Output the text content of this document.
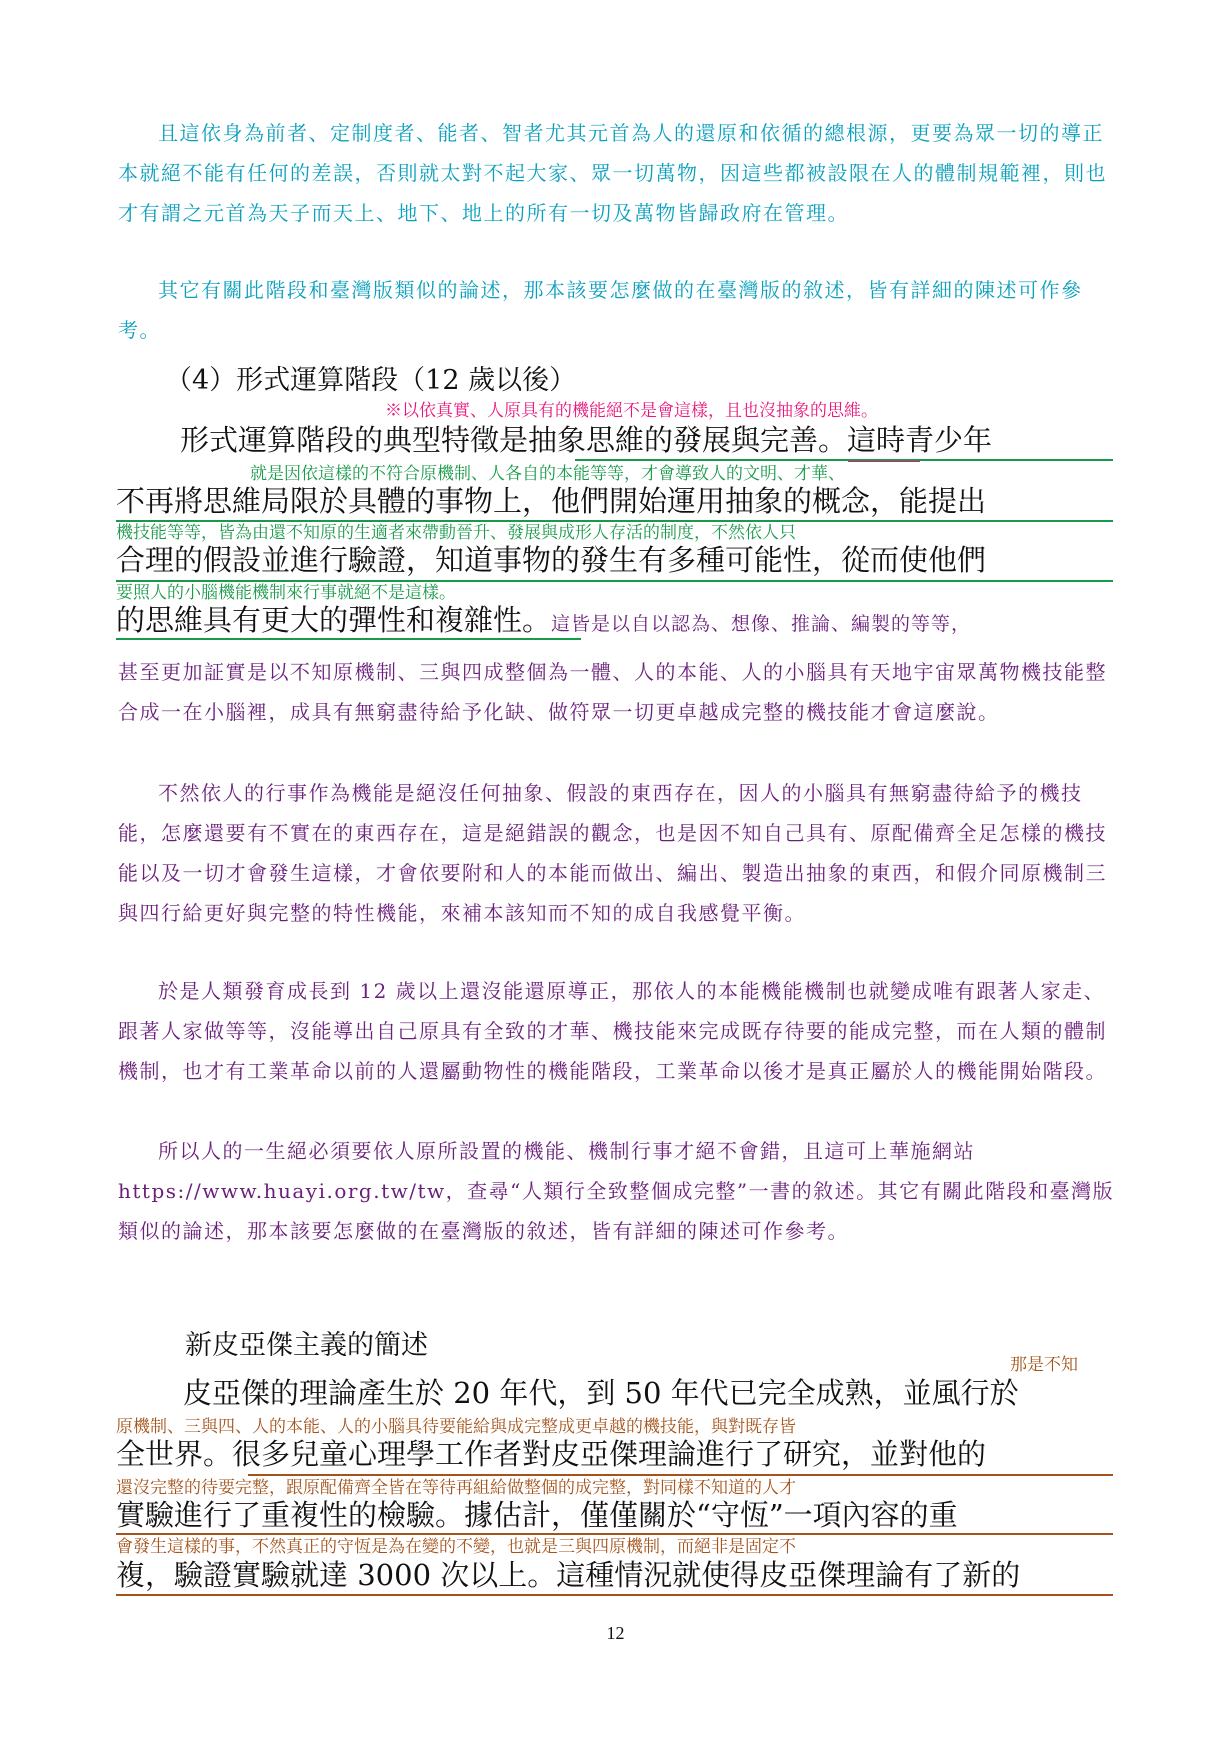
且這依身為前者、定制度者、能者、智者尤其元首為人的還原和依循的總根源，更要為眾一切的導正本就絕不能有任何的差誤，否則就太對不起大家、眾一切萬物，因這些都被設限在人的體制規範裡，則也才有謂之元首為天子而天上、地下、地上的所有一切及萬物皆歸政府在管理。

其它有關此階段和臺灣版類似的論述，那本該要怎麼做的在臺灣版的敘述，皆有詳細的陳述可作參考。

（4）形式運算階段（12 歲以後）
※以依真實、人原具有的機能絕不是會這樣，且也沒抽象的思維。
形式運算階段的典型特徵是抽象思維的發展與完善。這時青少年
就是因依這樣的不符合原機制、人各自的本能等等，才會導致人的文明、才華、
不再將思維局限於具體的事物上，他們開始運用抽象的概念，能提出
機技能等等，皆為由還不知原的生適者來帶動晉升、發展與成形人存活的制度，不然依人只
合理的假設並進行驗證，知道事物的發生有多種可能性，從而使他們
要照人的小腦機能機制來行事就絕不是這樣。
的思維具有更大的彈性和複雜性。這皆是以自以認為、想像、推論、編製的等等，

甚至更加証實是以不知原機制、三與四成整個為一體、人的本能、人的小腦具有天地宇宙眾萬物機技能整合成一在小腦裡，成具有無窮盡待給予化缺、做符眾一切更卓越成完整的機技能才會這麼說。

不然依人的行事作為機能是絕沒任何抽象、假設的東西存在，因人的小腦具有無窮盡待給予的機技能，怎麼還要有不實在的東西存在，這是絕錯誤的觀念，也是因不知自己具有、原配備齊全足怎樣的機技能以及一切才會發生這樣，才會依要附和人的本能而做出、編出、製造出抽象的東西，和假介同原機制三與四行給更好與完整的特性機能，來補本該知而不知的成自我感覺平衡。

於是人類發育成長到 12 歲以上還沒能還原導正，那依人的本能機能機制也就變成唯有跟著人家走、跟著人家做等等，沒能導出自己原具有全致的才華、機技能來完成既存待要的能成完整，而在人類的體制機制，也才有工業革命以前的人還屬動物性的機能階段，工業革命以後才是真正屬於人的機能開始階段。

所以人的一生絕必須要依人原所設置的機能、機制行事才絕不會錯，且這可上華施網站 https://www.huayi.org.tw/tw，查尋“人類行全致整個成完整”一書的敘述。其它有關此階段和臺灣版類似的論述，那本該要怎麼做的在臺灣版的敘述，皆有詳細的陳述可作參考。

新皮亞傑主義的簡述
那是不知
皮亞傑的理論產生於 20 年代，到 50 年代已完全成熟，並風行於
原機制、三與四、人的本能、人的小腦具待要能給與成完整成更卓越的機技能，與對既存皆
全世界。很多兒童心理學工作者對皮亞傑理論進行了研究，並對他的
還沒完整的待要完整，跟原配備齊全皆在等待再組給做整個的成完整，對同樣不知道的人才
實驗進行了重複性的檢驗。據估計，僅僅關於“守恆”一項內容的重
會發生這樣的事，不然真正的守恆是為在變的不變，也就是三與四原機制，而絕非是固定不
複，驗證實驗就達 3000 次以上。這種情況就使得皮亞傑理論有了新的
12
